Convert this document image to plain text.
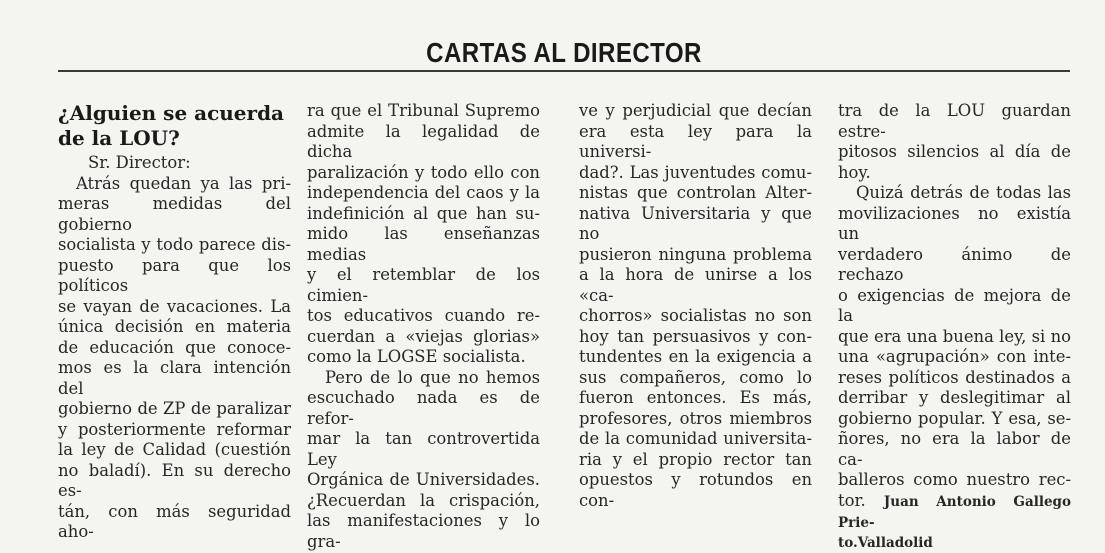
CARTAS AL DIRECTOR
¿Alguien se acuerda
de la LOU?

Sr. Director:

Atrás quedan ya las pri-

meras medidas del gobierno

socialista y todo parece dis-

puesto para que los políticos

se vayan de vacaciones. La

única decisión en materia

de educación que conoce-

mos es la clara intención del

gobierno de ZP de paralizar

y posteriormente reformar

la ley de Calidad (cuestión

no baladí). En su derecho es-

tán, con más seguridad aho-

ra que el Tribunal Supremo

admite la legalidad de dicha

paralización y todo ello con

independencia del caos y la

indefinición al que han su-

mido las enseñanzas medias

y el retemblar de los cimien-

tos educativos cuando re-

cuerdan a «viejas glorias»

como la LOGSE socialista.

Pero de lo que no hemos

escuchado nada es de refor-

mar la tan controvertida Ley

Orgánica de Universidades.

¿Recuerdan la crispación,

las manifestaciones y lo gra-

ve y perjudicial que decían

era esta ley para la universi-

dad?. Las juventudes comu-

nistas que controlan Alter-

nativa Universitaria y que no

pusieron ninguna problema

a la hora de unirse a los «ca-

chorros» socialistas no son

hoy tan persuasivos y con-

tundentes en la exigencia a

sus compañeros, como lo

fueron entonces. Es más,

profesores, otros miembros

de la comunidad universita-

ria y el propio rector tan

opuestos y rotundos en con-

tra de la LOU guardan estre-

pitosos silencios al día de

hoy.

Quizá detrás de todas las

movilizaciones no existía un

verdadero ánimo de rechazo

o exigencias de mejora de la

que era una buena ley, si no

una «agrupación» con inte-

reses políticos destinados a

derribar y deslegitimar al

gobierno popular. Y esa, se-

ñores, no era la labor de ca-

balleros como nuestro rec-

tor. Juan Antonio Gallego Prie-
to.Valladolid
